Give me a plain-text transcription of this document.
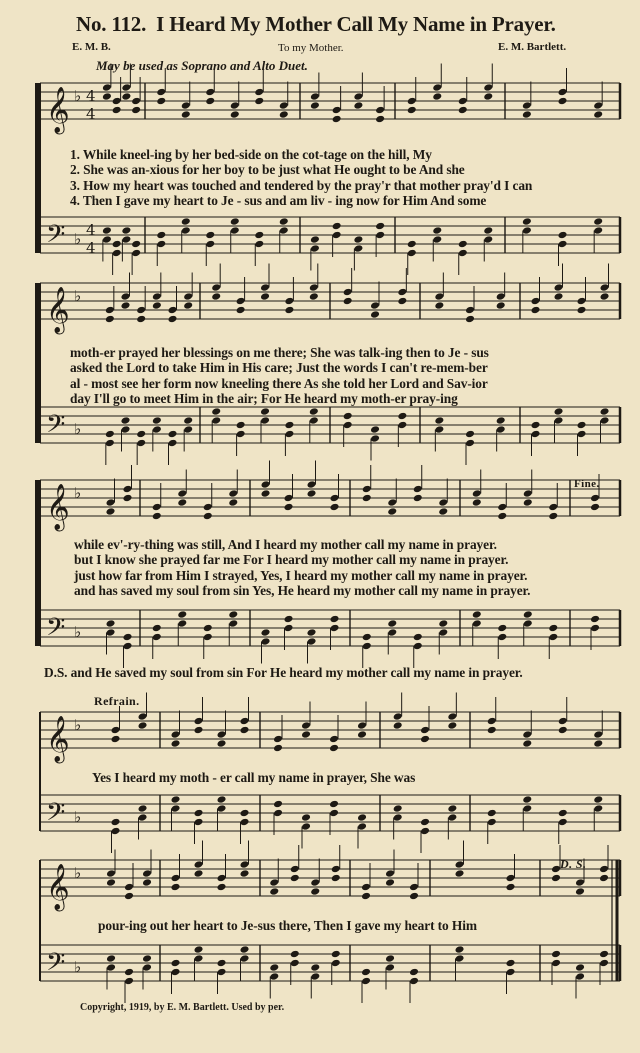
No. 112. I Heard My Mother Call My Name in Prayer.
E. M. B.	To my Mother.	E. M. Bartlett.
May be used as Soprano and Alto Duet.
𝄞
𝄢
♭
♭
4
4
4
4
𝄞
𝄢
♭
♭
𝄞
𝄢
♭
♭
𝄞
𝄢
♭
♭
𝄞
𝄢
♭
♭
1. While kneel-ing by her bed-side on the cot-tage on the hill, My
2. She was an-xious for her boy to be just what He ought to be And she
3. How my heart was touched and tendered by the pray'r that mother pray'd I can
4. Then I gave my heart to Je - sus and am liv - ing now for Him And some
moth-er prayed her blessings on me there; She was talk-ing then to Je - sus
asked the Lord to take Him in His care; Just the words I can't re-mem-ber
al - most see her form now kneeling there As she told her Lord and Sav-ior
day I'll go to meet Him in the air; For He heard my moth-er pray-ing
while ev'-ry-thing was still, And I heard my mother call my name in prayer.
but I know she prayed far me For I heard my mother call my name in prayer.
just how far from Him I strayed, Yes, I heard my mother call my name in prayer.
and has saved my soul from sin Yes, He heard my mother call my name in prayer.
Fine.
D.S. and He saved my soul from sin For He heard my mother call my name in prayer.
Refrain.
Yes I heard my moth - er call my name in prayer, She was
pour-ing out her heart to Je-sus there, Then I gave my heart to Him
D. S.
Copyright, 1919, by E. M. Bartlett. Used by per.
